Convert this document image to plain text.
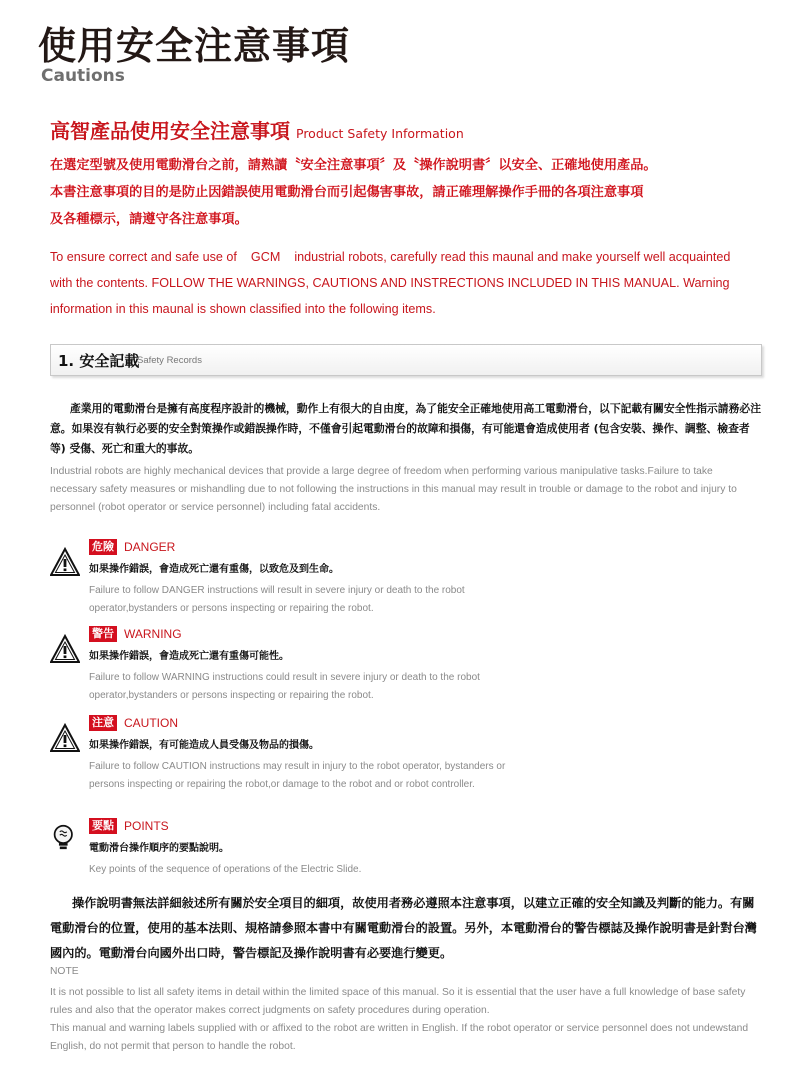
使用安全注意事項
Cautions
高智產品使用安全注意事項 Product Safety Information
在選定型號及使用電動滑台之前，請熟讀〝安全注意事項〞及〝操作說明書〞以安全、正確地使用產品。
本書注意事項的目的是防止因錯誤使用電動滑台而引起傷害事故，請正確理解操作手冊的各項注意事項
及各種標示，請遵守各注意事項。
To ensure correct and safe use of GCM industrial robots, carefully read this maunal and make yourself well acquainted
with the contents. FOLLOW THE WARNINGS, CAUTIONS AND INSTRECTIONS INCLUDED IN THIS MANUAL. Warning
information in this maunal is shown classified into the following items.
1. 安全記載
Safety Records
產業用的電動滑台是擁有高度程序設計的機械，動作上有很大的自由度，為了能安全正確地使用高工電動滑台，以下記載有關安全性指示請務必注意。如果沒有執行必要的安全對策操作或錯誤操作時，不僅會引起電動滑台的故障和損傷，有可能還會造成使用者 (包含安裝、操作、調整、檢查者等) 受傷、死亡和重大的事故。
Industrial robots are highly mechanical devices that provide a large degree of freedom when performing various manipulative tasks.Failure to take necessary safety measures or mishandling due to not following the instructions in this manual may result in trouble or damage to the robot and injury to personnel (robot operator or service personnel) including fatal accidents.
危險 DANGER
如果操作錯誤，會造成死亡還有重傷，以致危及到生命。
Failure to follow DANGER instructions will result in severe injury or death to the robot operator,bystanders or persons inspecting or repairing the robot.
警告 WARNING
如果操作錯誤，會造成死亡還有重傷可能性。
Failure to follow WARNING instructions could result in severe injury or death to the robot operator,bystanders or persons inspecting or repairing the robot.
注意 CAUTION
如果操作錯誤，有可能造成人員受傷及物品的損傷。
Failure to follow CAUTION instructions may result in injury to the robot operator, bystanders or persons inspecting or repairing the robot,or damage to the robot and or robot controller.
要點 POINTS
電動滑台操作順序的要點說明。
Key points of the sequence of operations of the Electric Slide.
操作說明書無法詳細敍述所有關於安全項目的細項，故使用者務必遵照本注意事項，以建立正確的安全知識及判斷的能力。有關電動滑台的位置，使用的基本法則、規格請參照本書中有關電動滑台的設置。另外，本電動滑台的警告標誌及操作說明書是針對台灣國內的。電動滑台向國外出口時，警告標記及操作說明書有必要進行變更。
NOTE
It is not possible to list all safety items in detail within the limited space of this manual. So it is essential that the user have a full knowledge of base safety rules and also that the operator makes correct judgments on safety procedures during operation.
This manual and warning labels supplied with or affixed to the robot are written in English. If the robot operator or service personnel does not undewstand English, do not permit that person to handle the robot.
